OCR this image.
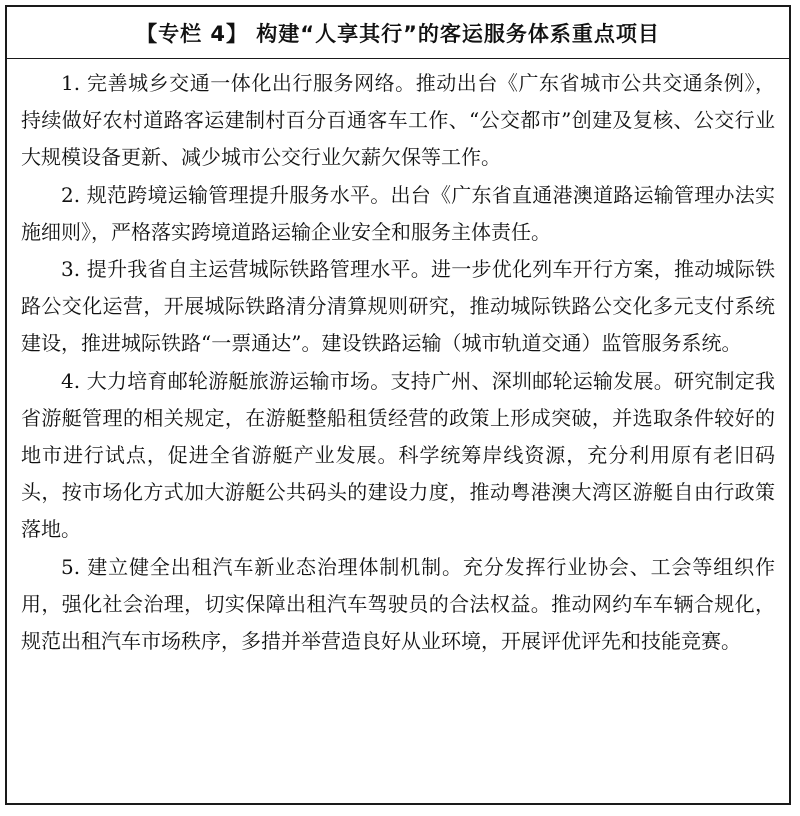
【专栏 4】 构建“人享其行”的客运服务体系重点项目

1. 完善城乡交通一体化出行服务网络。推动出台《广东省城市公共交通条例》，持续做好农村道路客运建制村百分百通客车工作、“公交都市”创建及复核、公交行业大规模设备更新、减少城市公交行业欠薪欠保等工作。

2. 规范跨境运输管理提升服务水平。出台《广东省直通港澳道路运输管理办法实施细则》，严格落实跨境道路运输企业安全和服务主体责任。

3. 提升我省自主运营城际铁路管理水平。进一步优化列车开行方案，推动城际铁路公交化运营，开展城际铁路清分清算规则研究，推动城际铁路公交化多元支付系统建设，推进城际铁路“一票通达”。建设铁路运输（城市轨道交通）监管服务系统。

4. 大力培育邮轮游艇旅游运输市场。支持广州、深圳邮轮运输发展。研究制定我省游艇管理的相关规定，在游艇整船租赁经营的政策上形成突破，并选取条件较好的地市进行试点，促进全省游艇产业发展。科学统筹岸线资源，充分利用原有老旧码头，按市场化方式加大游艇公共码头的建设力度，推动粤港澳大湾区游艇自由行政策落地。

5. 建立健全出租汽车新业态治理体制机制。充分发挥行业协会、工会等组织作用，强化社会治理，切实保障出租汽车驾驶员的合法权益。推动网约车车辆合规化，规范出租汽车市场秩序，多措并举营造良好从业环境，开展评优评先和技能竞赛。
